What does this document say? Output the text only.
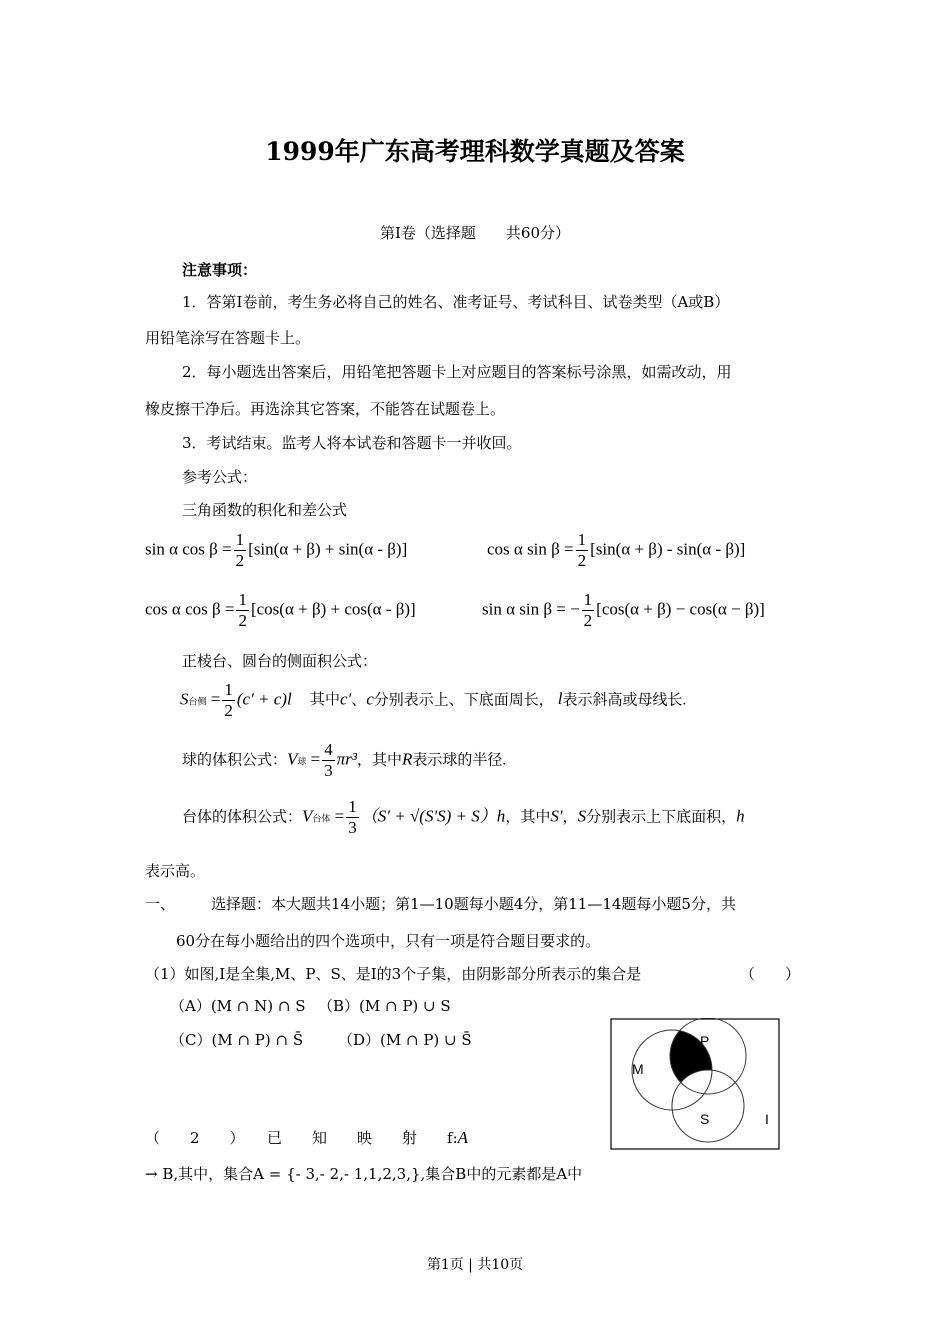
1999年广东高考理科数学真题及答案
第Ⅰ卷（选择题　　共60分）
注意事项：
1．答第Ⅰ卷前，考生务必将自己的姓名、准考证号、考试科目、试卷类型（A或B）
用铅笔涂写在答题卡上。
2．每小题选出答案后，用铅笔把答题卡上对应题目的答案标号涂黑，如需改动，用
橡皮擦干净后。再选涂其它答案，不能答在试题卷上。
3．考试结束。监考人将本试卷和答题卡一并收回。
参考公式：
三角函数的积化和差公式
sin α $\cos \beta = \frac{1}{2} [\sin(\alpha + \beta) + \sin(\alpha - \beta)]$	cos α $\sin \beta = \frac{1}{2} [\sin(\alpha + \beta) - \sin(\alpha - \beta)]$
cos α $\cos \beta = \frac{1}{2} [\cos(\alpha + \beta) + \cos(\alpha - \beta)]$	sin α sin β = − $\frac{1}{2} [\cos(\alpha + \beta) - \cos(\alpha - \beta)]$
正棱台、圆台的侧面积公式：
S台侧 = $\frac{1}{2} (c' + c)l$ 其中c′、c分别表示上、下底面周长， l表示斜高或母线长.
球的体积公式：V球 = $\frac{4}{3} \pi r^3$，其中R表示球的半径.
台体的体积公式：V台体 = $\frac{1}{3} (S' + √(S'S) + S)h$，其中S′，S分别表示上下底面积，h
表示高。
一、 选择题：本大题共14小题；第1—10题每小题4分，第11—14题每小题5分，共
60分在每小题给出的四个选项中，只有一项是符合题目要求的。
（1）如图,Ⅰ是全集,M、P、S、是Ⅰ的3个子集，由阴影部分所表示的集合是	（　　）
（A）(M ∩ N) ∩ S （B）(M ∩ P) ∪ S
（C）(M ∩ P) ∩ S̄ （D）(M ∩ P) ∪ S̄
M
P
S	I
（　　2　　）　　已　　知　　映　　射　　f:A
→ B,其中，集合A = {- 3,- 2,- 1,1,2,3,},集合B中的元素都是A中
第1页 | 共10页
